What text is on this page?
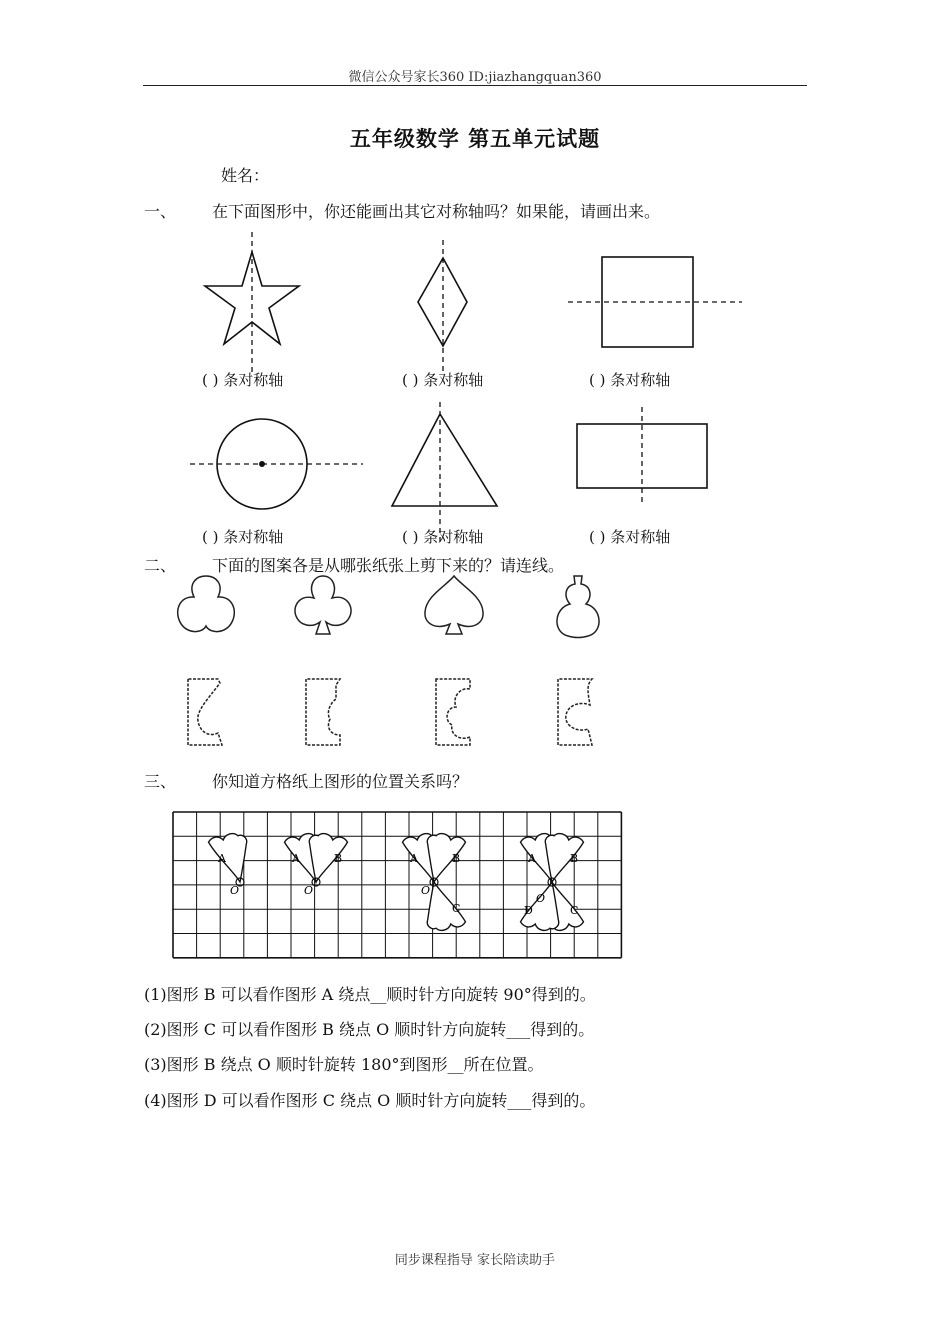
微信公众号家长360 ID:jiazhangquan360
五年级数学 第五单元试题
姓名：
一、 在下面图形中，你还能画出其它对称轴吗？如果能，请画出来。
( ) 条对称轴	( ) 条对称轴	( ) 条对称轴
( ) 条对称轴	( ) 条对称轴	( ) 条对称轴
二、 下面的图案各是从哪张纸张上剪下来的？请连线。
三、 你知道方格纸上图形的位置关系吗？
A
O
A	B
O
A	B
C
O
A	B
C
D
O
(1)图形 B 可以看作图形 A 绕点__顺时针方向旋转 90°得到的。
(2)图形 C 可以看作图形 B 绕点 O 顺时针方向旋转___得到的。
(3)图形 B 绕点 O 顺时针旋转 180°到图形__所在位置。
(4)图形 D 可以看作图形 C 绕点 O 顺时针方向旋转___得到的。
同步课程指导 家长陪读助手
